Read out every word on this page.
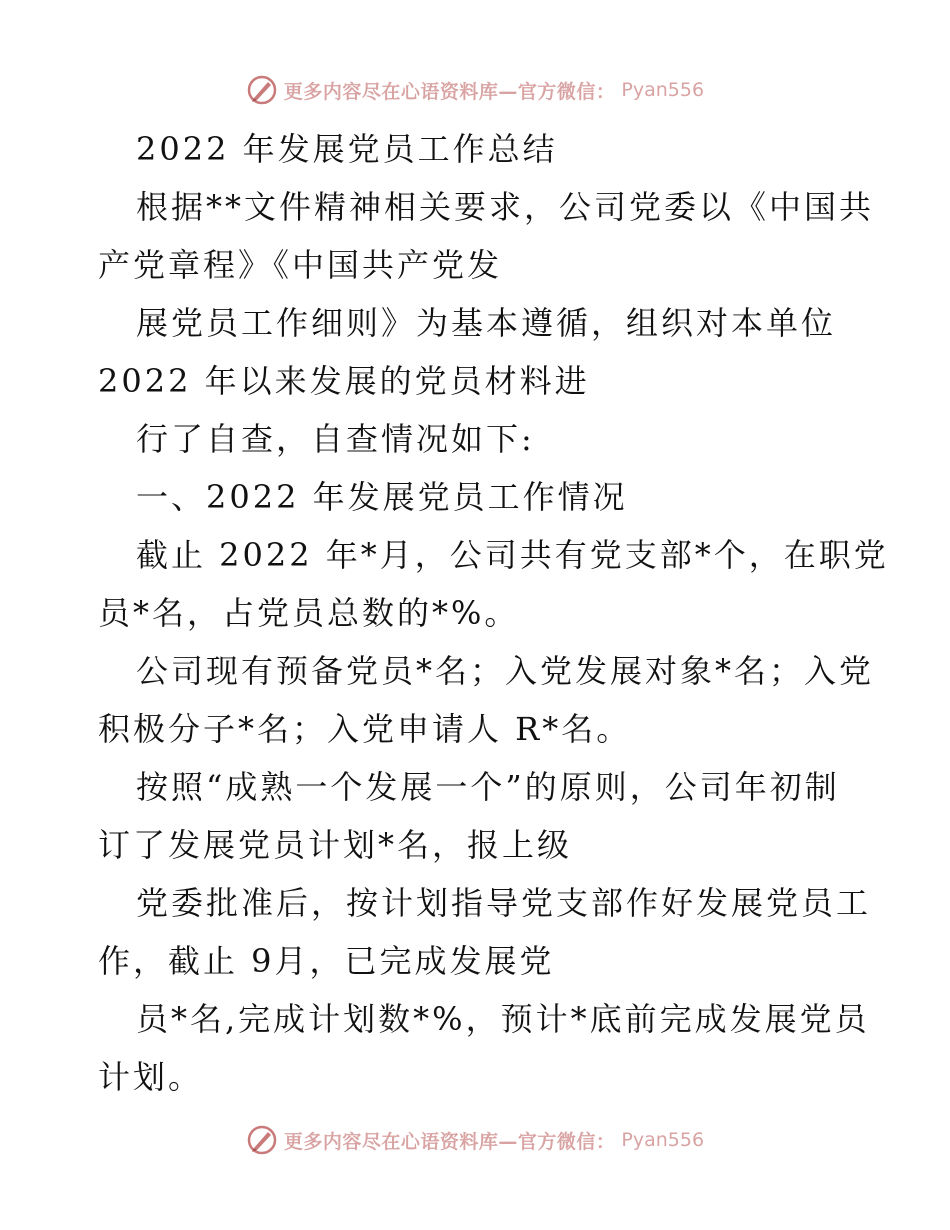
更多内容尽在心语资料库—官方微信： Pyan556
2022 年发展党员工作总结
根据**文件精神相关要求，公司党委以《中国共
产党章程》《中国共产党发
展党员工作细则》为基本遵循，组织对本单位
2022 年以来发展的党员材料进
行了自查，自查情况如下:
一、2022 年发展党员工作情况
截止 2022 年*月，公司共有党支部*个，在职党
员*名，占党员总数的*%。
公司现有预备党员*名；入党发展对象*名；入党
积极分子*名；入党申请人 R*名。
按照“成熟一个发展一个”的原则，公司年初制
订了发展党员计划*名，报上级
党委批准后，按计划指导党支部作好发展党员工
作，截止 9月，已完成发展党
员*名,完成计划数*%，预计*底前完成发展党员
计划。
更多内容尽在心语资料库—官方微信： Pyan556
